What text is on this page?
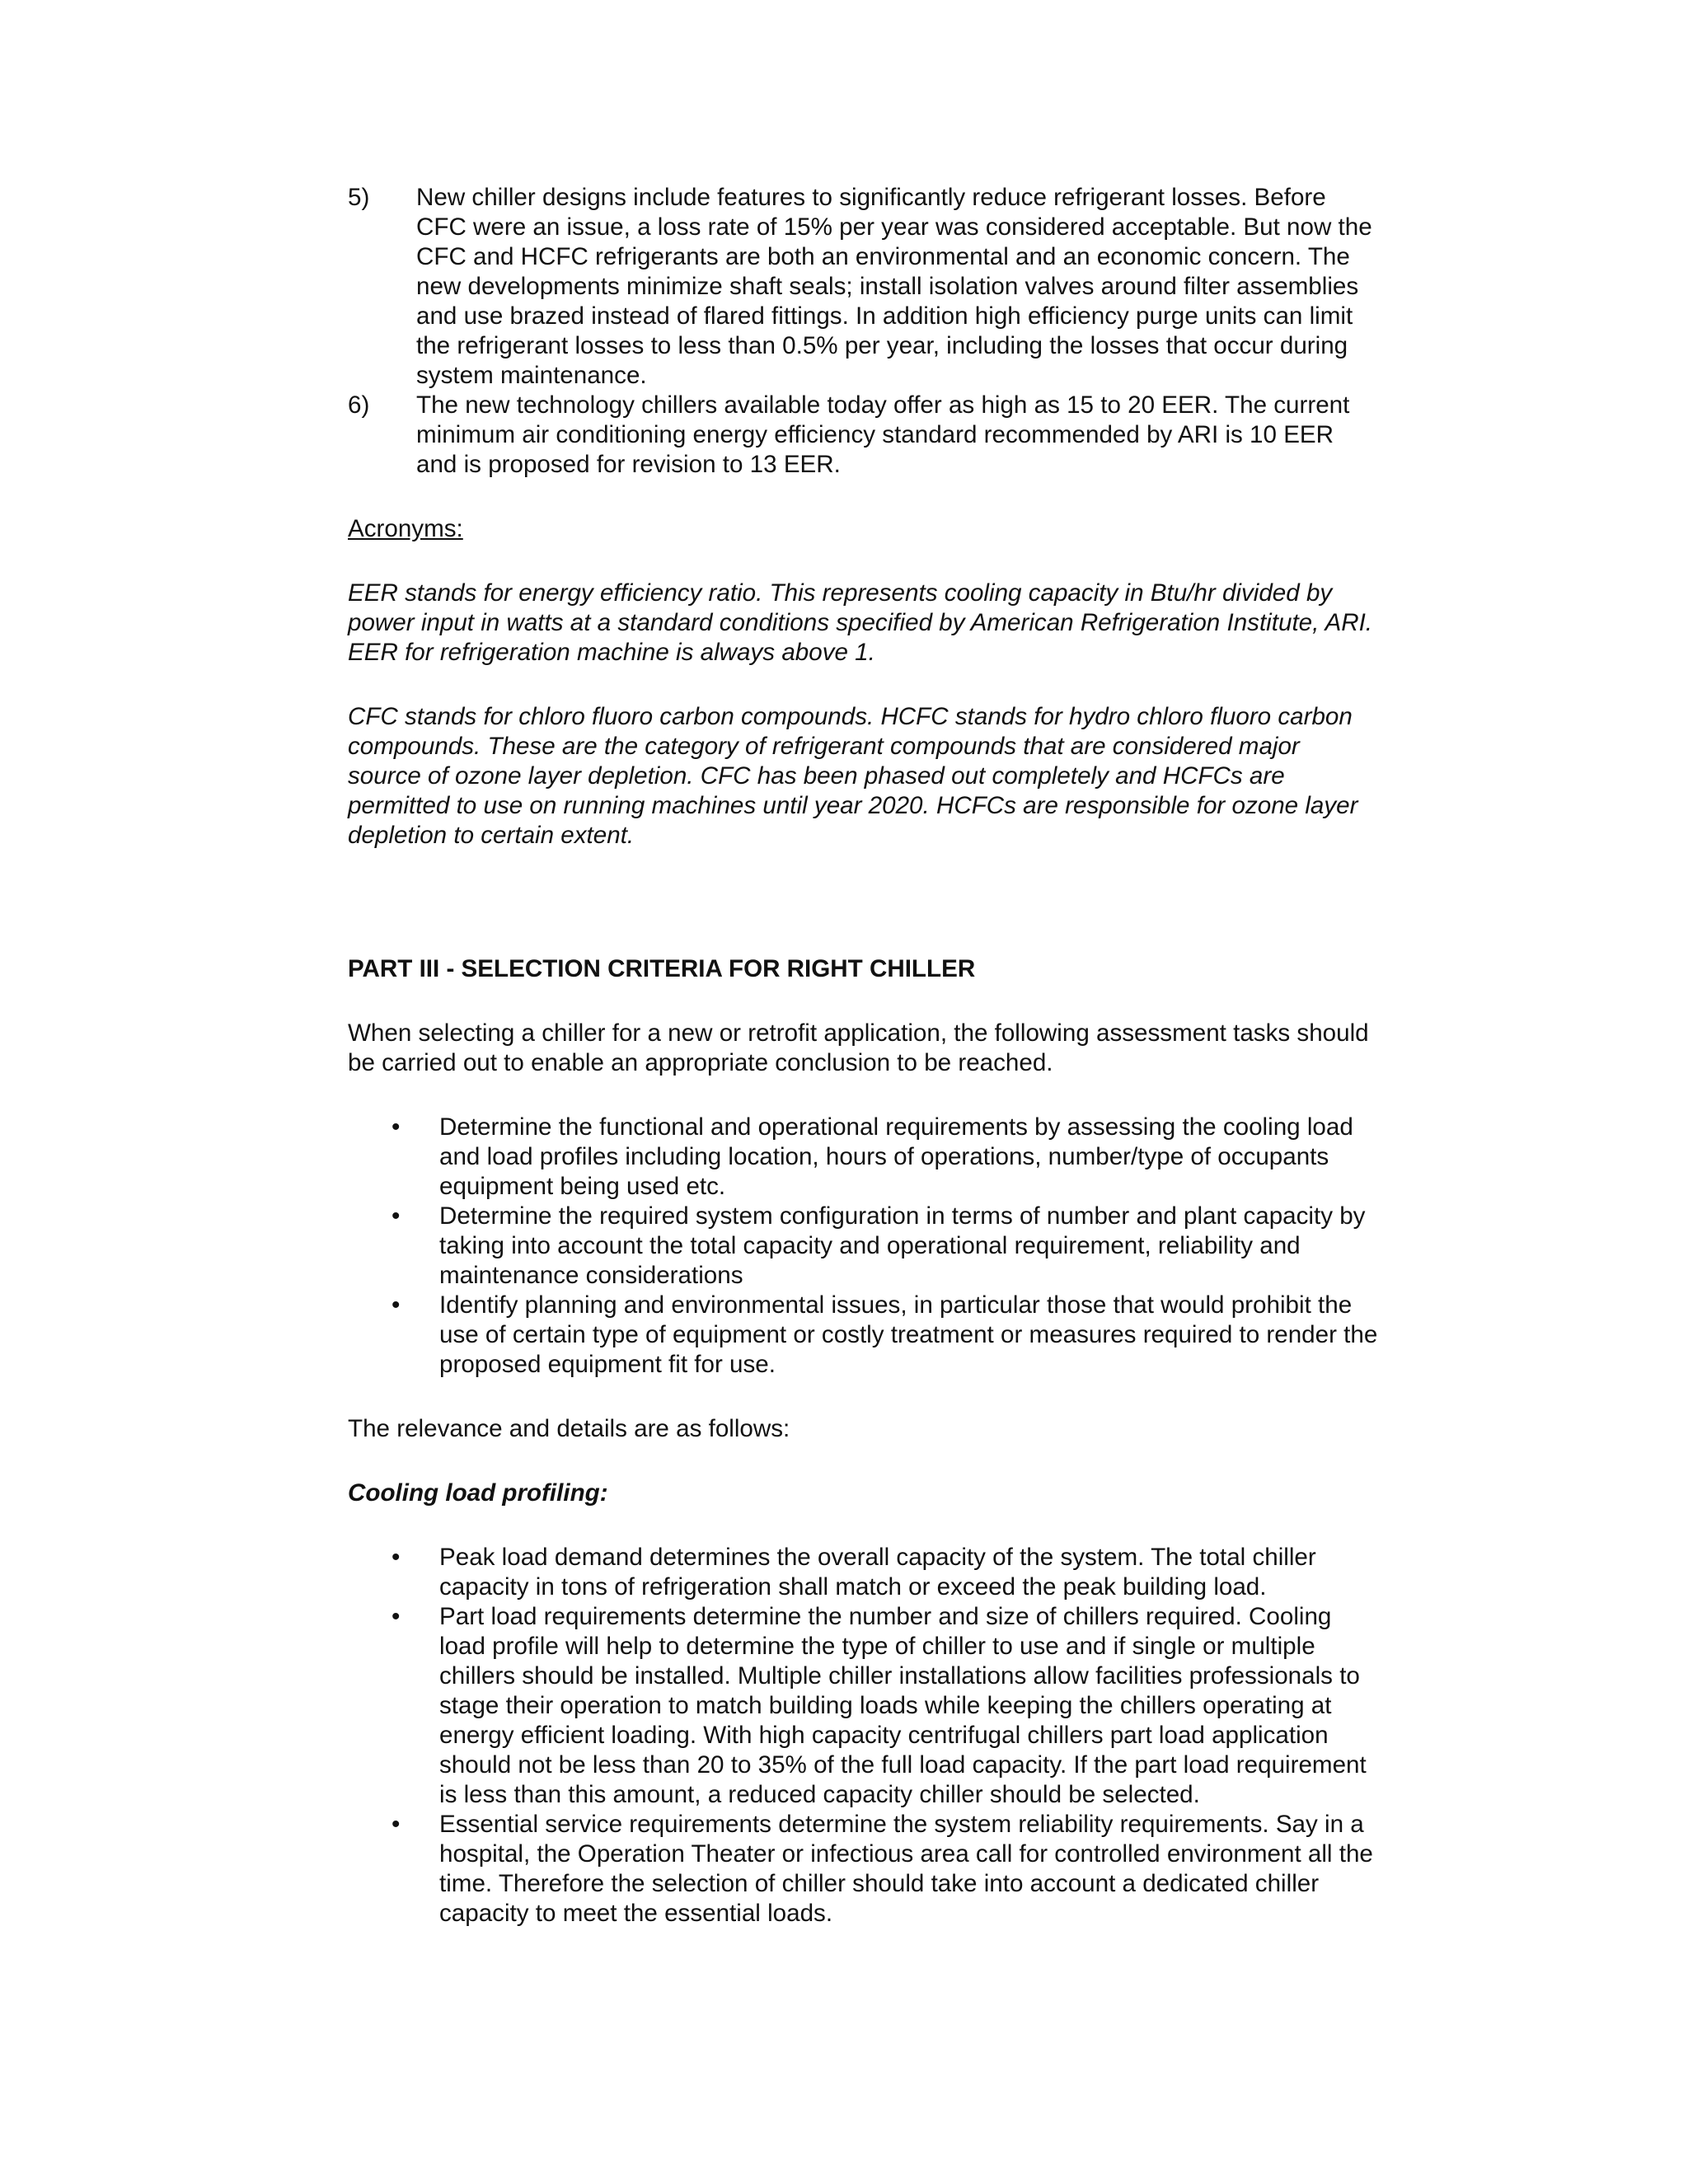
5)	New chiller designs include features to significantly reduce refrigerant losses. Before CFC were an issue, a loss rate of 15% per year was considered acceptable. But now the CFC and HCFC refrigerants are both an environmental and an economic concern. The new developments minimize shaft seals; install isolation valves around filter assemblies and use brazed instead of flared fittings. In addition high efficiency purge units can limit the refrigerant losses to less than 0.5% per year, including the losses that occur during system maintenance.
6)	The new technology chillers available today offer as high as 15 to 20 EER. The current minimum air conditioning energy efficiency standard recommended by ARI is 10 EER and is proposed for revision to 13 EER.
Acronyms:
EER stands for energy efficiency ratio. This represents cooling capacity in Btu/hr divided by power input in watts at a standard conditions specified by American Refrigeration Institute, ARI. EER for refrigeration machine is always above 1.
CFC stands for chloro fluoro carbon compounds. HCFC stands for hydro chloro fluoro carbon compounds. These are the category of refrigerant compounds that are considered major source of ozone layer depletion. CFC has been phased out completely and HCFCs are permitted to use on running machines until year 2020. HCFCs are responsible for ozone layer depletion to certain extent.
PART III - SELECTION CRITERIA FOR RIGHT CHILLER
When selecting a chiller for a new or retrofit application, the following assessment tasks should be carried out to enable an appropriate conclusion to be reached.
•	Determine the functional and operational requirements by assessing the cooling load and load profiles including location, hours of operations, number/type of occupants equipment being used etc.
•	Determine the required system configuration in terms of number and plant capacity by taking into account the total capacity and operational requirement, reliability and maintenance considerations
•	Identify planning and environmental issues, in particular those that would prohibit the use of certain type of equipment or costly treatment or measures required to render the proposed equipment fit for use.
The relevance and details are as follows:
Cooling load profiling:
•	Peak load demand determines the overall capacity of the system. The total chiller capacity in tons of refrigeration shall match or exceed the peak building load.
•	Part load requirements determine the number and size of chillers required. Cooling load profile will help to determine the type of chiller to use and if single or multiple chillers should be installed. Multiple chiller installations allow facilities professionals to stage their operation to match building loads while keeping the chillers operating at energy efficient loading. With high capacity centrifugal chillers part load application should not be less than 20 to 35% of the full load capacity. If the part load requirement is less than this amount, a reduced capacity chiller should be selected.
•	Essential service requirements determine the system reliability requirements. Say in a hospital, the Operation Theater or infectious area call for controlled environment all the time. Therefore the selection of chiller should take into account a dedicated chiller capacity to meet the essential loads.
